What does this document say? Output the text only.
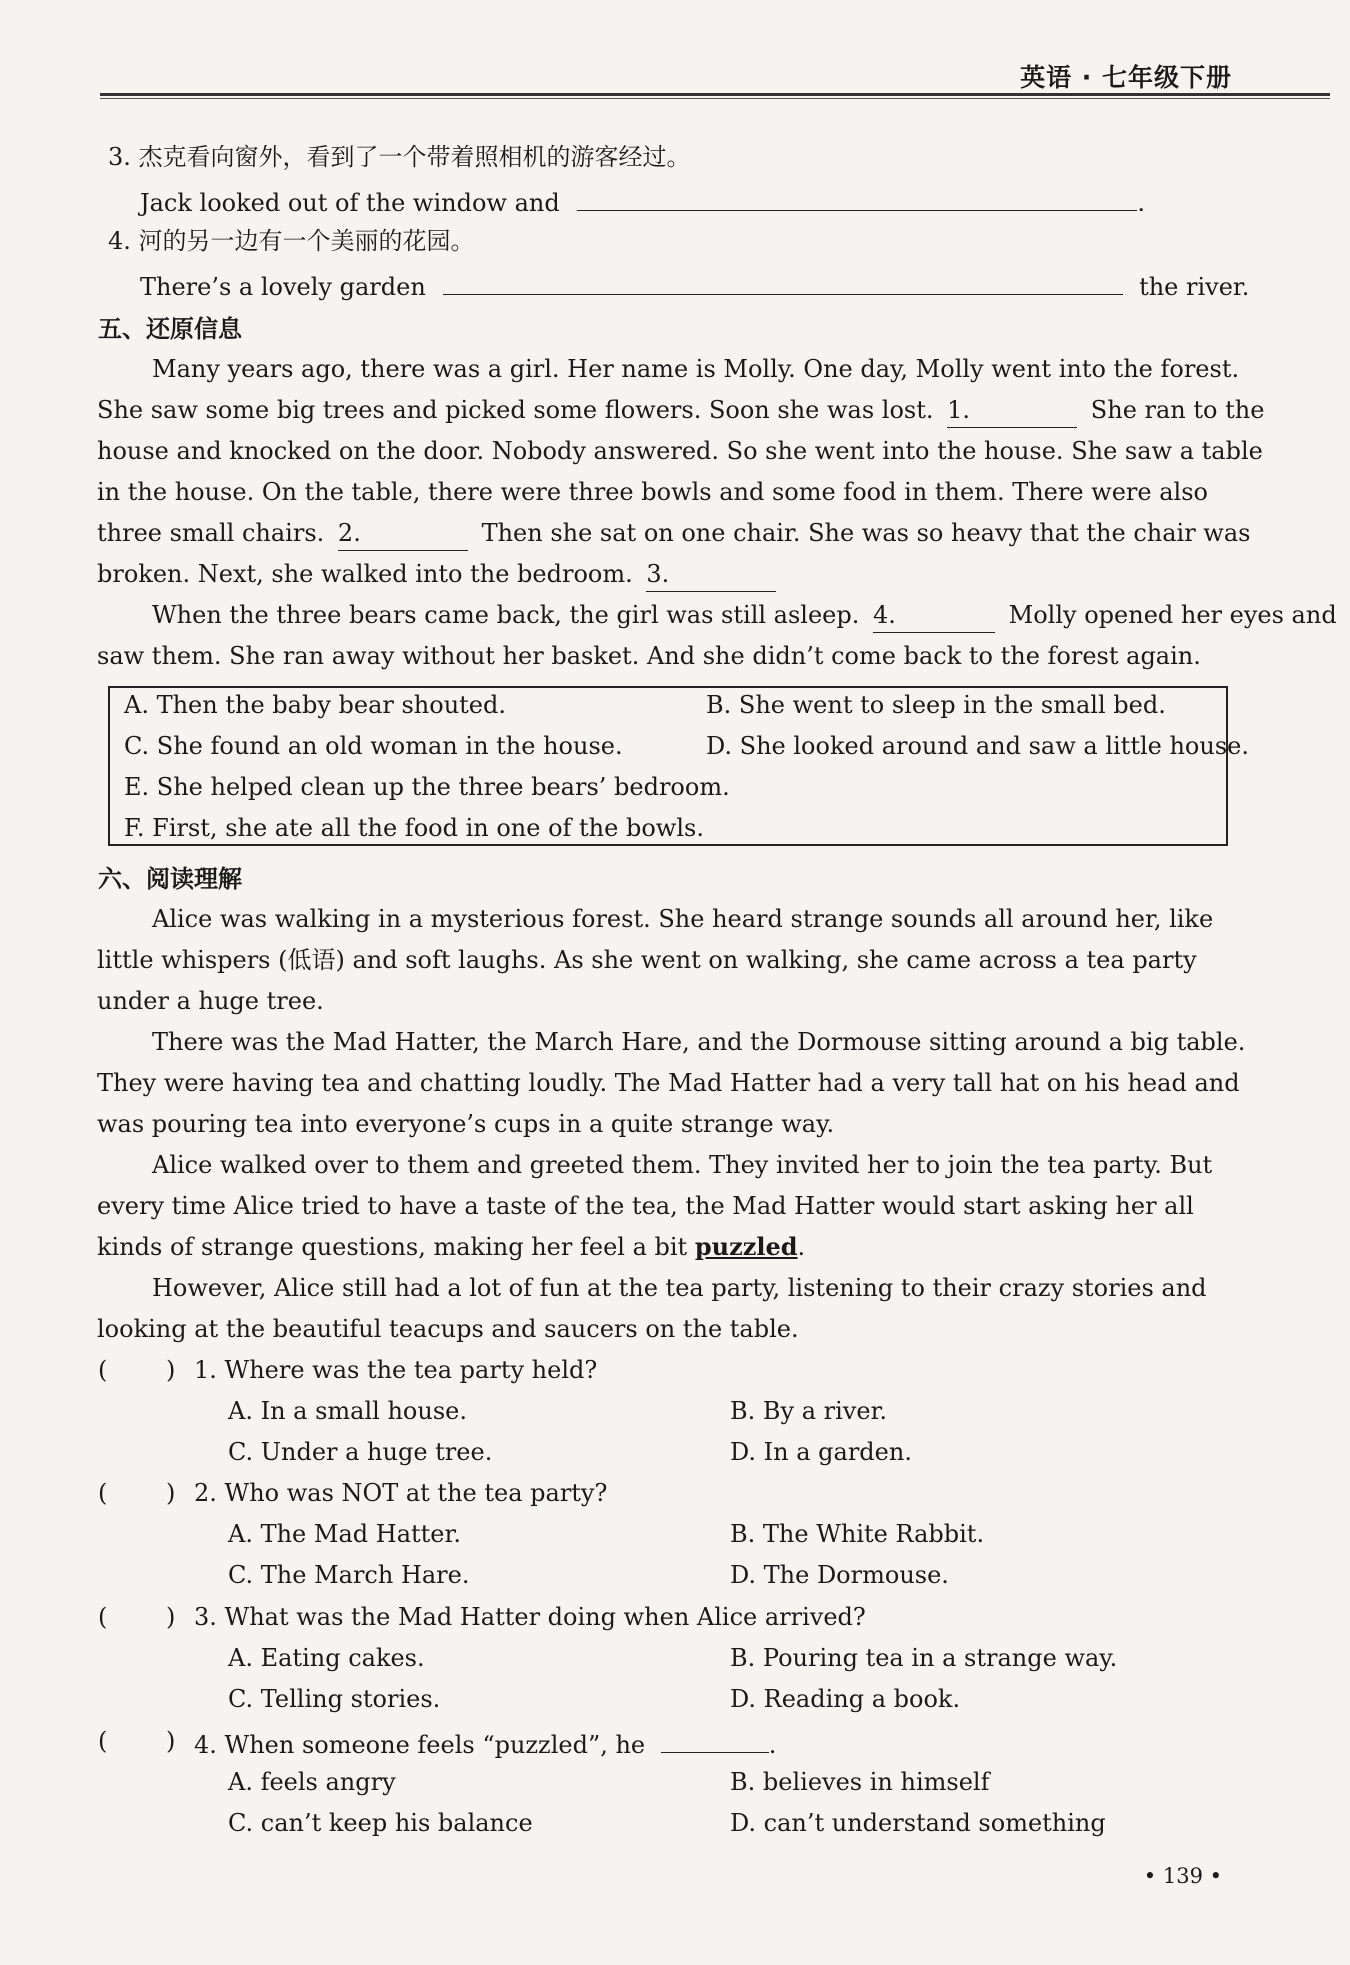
英语 · 七年级下册
3. 杰克看向窗外，看到了一个带着照相机的游客经过。
Jack looked out of the window and	.
4. 河的另一边有一个美丽的花园。
There’s a lovely garden	the river.
五、还原信息
Many years ago, there was a girl. Her name is Molly. One day, Molly went into the forest.
She saw some big trees and picked some flowers. Soon she was lost. 1.	She ran to the
house and knocked on the door. Nobody answered. So she went into the house. She saw a table
in the house. On the table, there were three bowls and some food in them. There were also
three small chairs. 2.	Then she sat on one chair. She was so heavy that the chair was
broken. Next, she walked into the bedroom. 3.
When the three bears came back, the girl was still asleep. 4.	Molly opened her eyes and
saw them. She ran away without her basket. And she didn’t come back to the forest again.
A. Then the baby bear shouted.	B. She went to sleep in the small bed.
C. She found an old woman in the house.	D. She looked around and saw a little house.
E. She helped clean up the three bears’ bedroom.
F. First, she ate all the food in one of the bowls.
六、阅读理解
Alice was walking in a mysterious forest. She heard strange sounds all around her, like
little whispers (低语) and soft laughs. As she went on walking, she came across a tea party
under a huge tree.
There was the Mad Hatter, the March Hare, and the Dormouse sitting around a big table.
They were having tea and chatting loudly. The Mad Hatter had a very tall hat on his head and
was pouring tea into everyone’s cups in a quite strange way.
Alice walked over to them and greeted them. They invited her to join the tea party. But
every time Alice tried to have a taste of the tea, the Mad Hatter would start asking her all
kinds of strange questions, making her feel a bit puzzled.
However, Alice still had a lot of fun at the tea party, listening to their crazy stories and
looking at the beautiful teacups and saucers on the table.
( ) 1. Where was the tea party held?
A. In a small house.	B. By a river.
C. Under a huge tree.	D. In a garden.
( ) 2. Who was NOT at the tea party?
A. The Mad Hatter.	B. The White Rabbit.
C. The March Hare.	D. The Dormouse.
( ) 3. What was the Mad Hatter doing when Alice arrived?
A. Eating cakes.	B. Pouring tea in a strange way.
C. Telling stories.	D. Reading a book.
( ) 4. When someone feels “puzzled”, he	.
A. feels angry	B. believes in himself
C. can’t keep his balance	D. can’t understand something
• 139 •
